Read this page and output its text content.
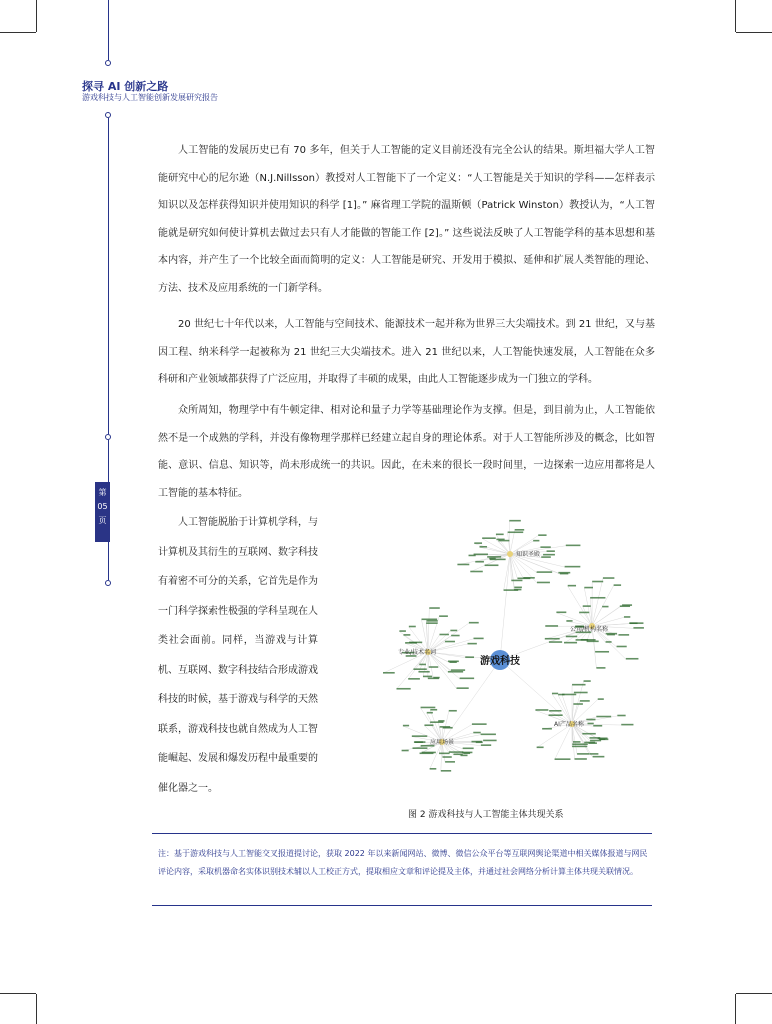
探寻 AI 创新之路
游戏科技与人工智能创新发展研究报告
第
05
页

人工智能的发展历史已有 70 多年，但关于人工智能的定义目前还没有完全公认的结果。斯坦福大学人工智能研究中心的尼尔逊（N.J.Nillsson）教授对人工智能下了一个定义：“人工智能是关于知识的学科——怎样表示知识以及怎样获得知识并使用知识的科学 [1]。” 麻省理工学院的温斯顿（Patrick Winston）教授认为，“人工智能就是研究如何使计算机去做过去只有人才能做的智能工作 [2]。” 这些说法反映了人工智能学科的基本思想和基本内容，并产生了一个比较全面而简明的定义：人工智能是研究、开发用于模拟、延伸和扩展人类智能的理论、方法、技术及应用系统的一门新学科。

20 世纪七十年代以来，人工智能与空间技术、能源技术一起并称为世界三大尖端技术。到 21 世纪，又与基因工程、纳米科学一起被称为 21 世纪三大尖端技术。进入 21 世纪以来，人工智能快速发展，人工智能在众多科研和产业领域都获得了广泛应用，并取得了丰硕的成果，由此人工智能逐步成为一门独立的学科。

众所周知，物理学中有牛顿定律、相对论和量子力学等基础理论作为支撑。但是，到目前为止，人工智能依然不是一个成熟的学科，并没有像物理学那样已经建立起自身的理论体系。对于人工智能所涉及的概念，比如智能、意识、信息、知识等，尚未形成统一的共识。因此，在未来的很长一段时间里，一边探索一边应用都将是人工智能的基本特征。

人工智能脱胎于计算机学科，与计算机及其衍生的互联网、数字科技有着密不可分的关系，它首先是作为一门科学探索性极强的学科呈现在人类社会面前。同样，当游戏与计算机、互联网、数字科技结合形成游戏科技的时候，基于游戏与科学的天然联系，游戏科技也就自然成为人工智能崛起、发展和爆发历程中最重要的催化器之一。

游戏科技
知识圣殿
公司/机构名称
专业/技术名词
应用场景
AI产品名称
图 2 游戏科技与人工智能主体共现关系
注：基于游戏科技与人工智能交叉报道提讨论，获取 2022 年以来新闻网站、微博、微信公众平台等互联网舆论渠道中相关媒体报道与网民评论内容，采取机器命名实体识别技术辅以人工校正方式，提取相应文章和评论提及主体，并通过社会网络分析计算主体共现关联情况。
